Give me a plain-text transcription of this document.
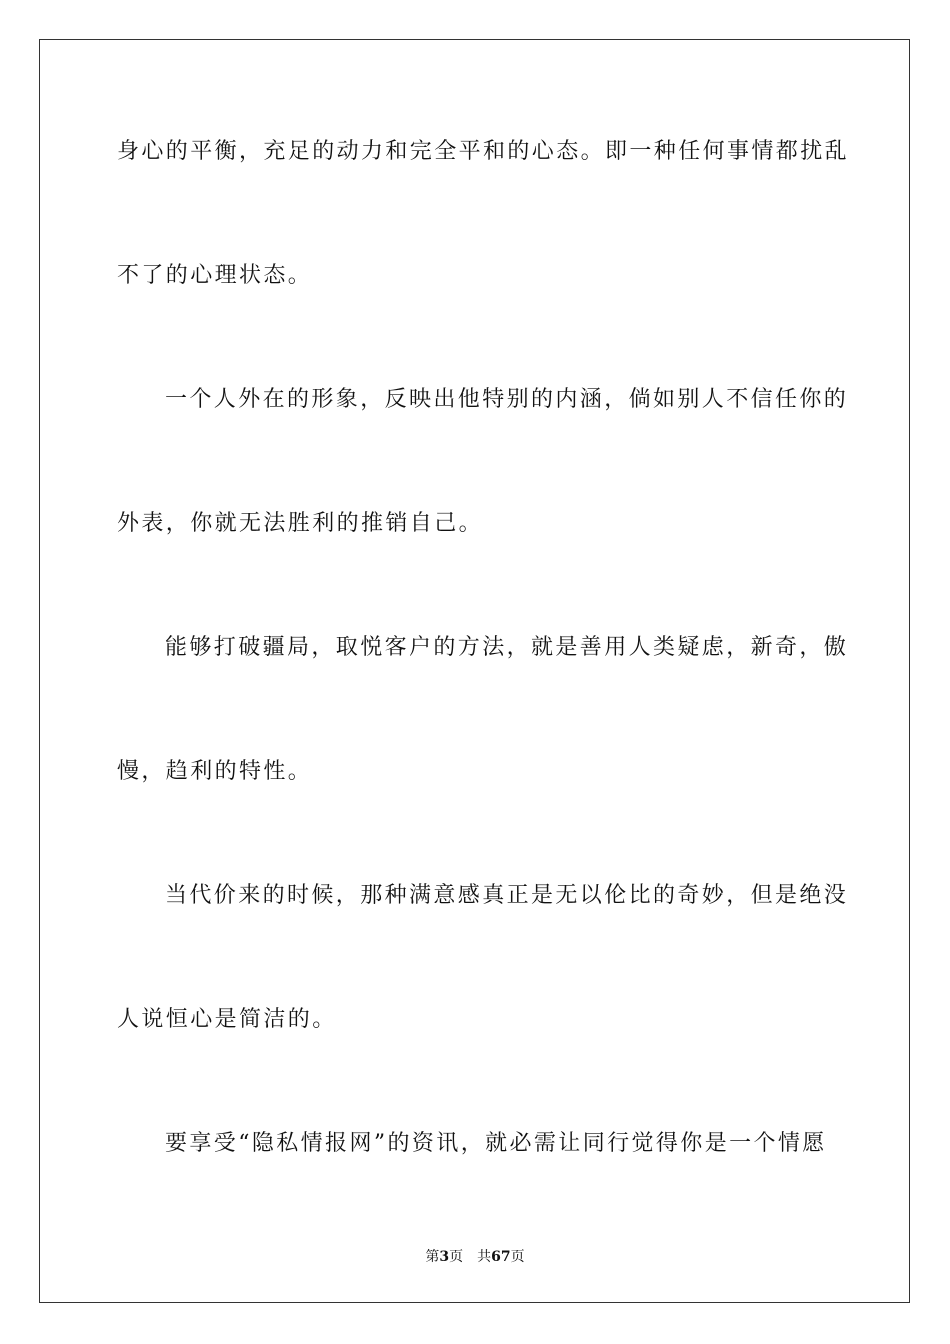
身心的平衡，充足的动力和完全平和的心态。即一种任何事情都扰乱
不了的心理状态。
一个人外在的形象，反映出他特别的内涵，倘如别人不信任你的
外表，你就无法胜利的推销自己。
能够打破疆局，取悦客户的方法，就是善用人类疑虑，新奇，傲
慢，趋利的特性。
当代价来的时候，那种满意感真正是无以伦比的奇妙，但是绝没
人说恒心是简洁的。
要享受“隐私情报网”的资讯，就必需让同行觉得你是一个情愿
第3页 共67页
